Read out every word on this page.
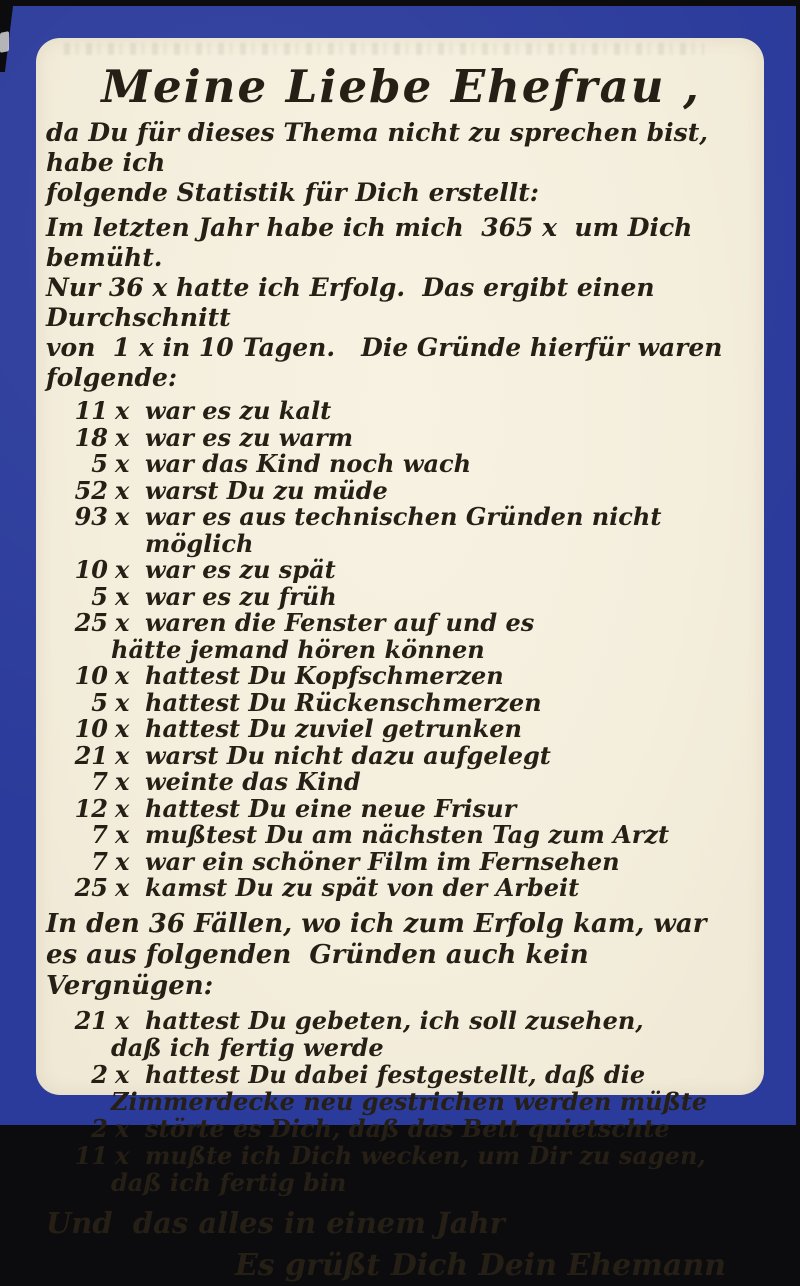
Meine Liebe Ehefrau ,
da Du für dieses Thema nicht zu sprechen bist, habe ich
folgende Statistik für Dich erstellt:
Im letzten Jahr habe ich mich  365 x  um Dich bemüht.
Nur 36 x hatte ich Erfolg.  Das ergibt einen  Durchschnitt
von  1 x in 10 Tagen.   Die Gründe hierfür waren folgende:
11 x war es zu kalt
18 x war es zu warm
5 x war das Kind noch wach
52 x warst Du zu müde
93 x war es aus technischen Gründen nicht möglich
10 x war es zu spät
5 x war es zu früh
25 x waren die Fenster auf und es
hätte jemand hören können
10 x hattest Du Kopfschmerzen
5 x hattest Du Rückenschmerzen
10 x hattest Du zuviel getrunken
21 x warst Du nicht dazu aufgelegt
7 x weinte das Kind
12 x hattest Du eine neue Frisur
7 x mußtest Du am nächsten Tag zum Arzt
7 x war ein schöner Film im Fernsehen
25 x kamst Du zu spät von der Arbeit
In den 36 Fällen, wo ich zum Erfolg kam, war
es aus folgenden  Gründen auch kein Vergnügen:
21 x hattest Du gebeten, ich soll zusehen,
daß ich fertig werde
2 x hattest Du dabei festgestellt, daß die
Zimmerdecke neu gestrichen werden müßte
2 x störte es Dich, daß das Bett quietschte
11 x mußte ich Dich wecken, um Dir zu sagen,
daß ich fertig bin
Und  das alles in einem Jahr
Es grüßt Dich Dein Ehemann
